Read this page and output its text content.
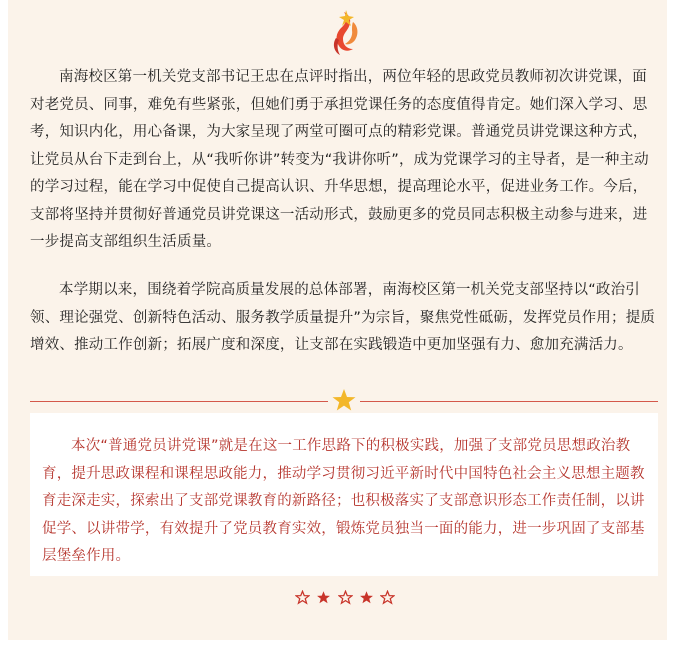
南海校区第一机关党支部书记王忠在点评时指出，两位年轻的思政党员教师初次讲党课，面对老党员、同事，难免有些紧张，但她们勇于承担党课任务的态度值得肯定。她们深入学习、思考，知识内化，用心备课，为大家呈现了两堂可圈可点的精彩党课。普通党员讲党课这种方式，让党员从台下走到台上，从“我听你讲”转变为“我讲你听”，成为党课学习的主导者，是一种主动的学习过程，能在学习中促使自己提高认识、升华思想，提高理论水平，促进业务工作。今后，支部将坚持并贯彻好普通党员讲党课这一活动形式，鼓励更多的党员同志积极主动参与进来，进一步提高支部组织生活质量。

本学期以来，围绕着学院高质量发展的总体部署，南海校区第一机关党支部坚持以“政治引领、理论强党、创新特色活动、服务教学质量提升”为宗旨，聚焦党性砥砺，发挥党员作用；提质增效、推动工作创新；拓展广度和深度，让支部在实践锻造中更加坚强有力、愈加充满活力。

本次“普通党员讲党课”就是在这一工作思路下的积极实践，加强了支部党员思想政治教育，提升思政课程和课程思政能力，推动学习贯彻习近平新时代中国特色社会主义思想主题教育走深走实，探索出了支部党课教育的新路径；也积极落实了支部意识形态工作责任制，以讲促学、以讲带学，有效提升了党员教育实效，锻炼党员独当一面的能力，进一步巩固了支部基层堡垒作用。
